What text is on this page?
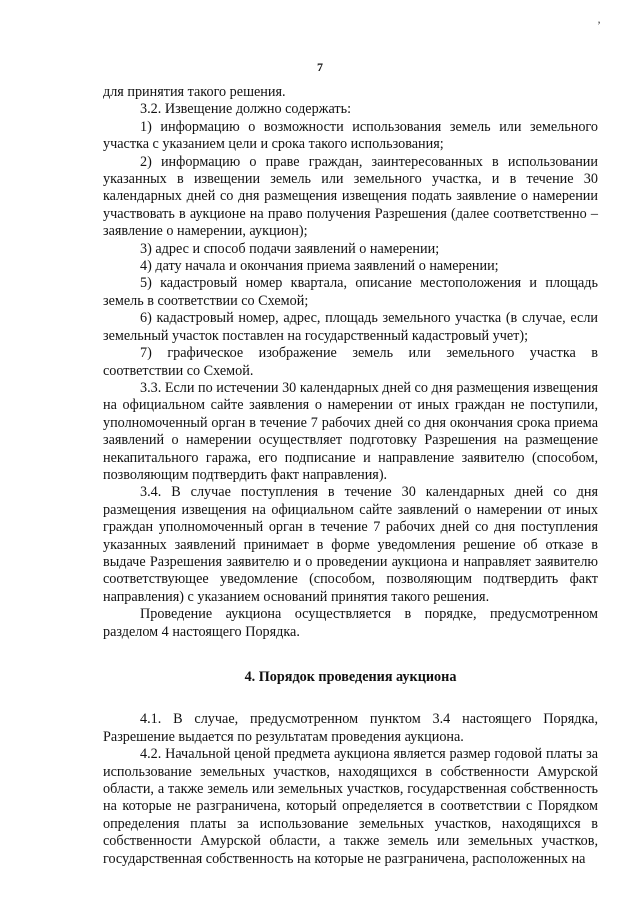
’
7

для принятия такого решения.

3.2. Извещение должно содержать:

1) информацию о возможности использования земель или земельного участка с указанием цели и срока такого использования;

2) информацию о праве граждан, заинтересованных в использовании указанных в извещении земель или земельного участка, и в течение 30 календарных дней со дня размещения извещения подать заявление о намерении участвовать в аукционе на право получения Разрешения (далее соответственно – заявление о намерении, аукцион);

3) адрес и способ подачи заявлений о намерении;

4) дату начала и окончания приема заявлений о намерении;

5) кадастровый номер квартала, описание местоположения и площадь земель в соответствии со Схемой;

6) кадастровый номер, адрес, площадь земельного участка (в случае, если земельный участок поставлен на государственный кадастровый учет);

7) графическое изображение земель или земельного участка в соответствии со Схемой.

3.3. Если по истечении 30 календарных дней со дня размещения извещения на официальном сайте заявления о намерении от иных граждан не поступили, уполномоченный орган в течение 7 рабочих дней со дня окончания срока приема заявлений о намерении осуществляет подготовку Разрешения на размещение некапитального гаража, его подписание и направление заявителю (способом, позволяющим подтвердить факт направления).

3.4. В случае поступления в течение 30 календарных дней со дня размещения извещения на официальном сайте заявлений о намерении от иных граждан уполномоченный орган в течение 7 рабочих дней со дня поступления указанных заявлений принимает в форме уведомления решение об отказе в выдаче Разрешения заявителю и о проведении аукциона и направляет заявителю соответствующее уведомление (способом, позволяющим подтвердить факт направления) с указанием оснований принятия такого решения.

Проведение аукциона осуществляется в порядке, предусмотренном разделом 4 настоящего Порядка.

4. Порядок проведения аукциона

4.1. В случае, предусмотренном пунктом 3.4 настоящего Порядка, Разрешение выдается по результатам проведения аукциона.

4.2. Начальной ценой предмета аукциона является размер годовой платы за использование земельных участков, находящихся в собственности Амурской области, а также земель или земельных участков, государственная собственность на которые не разграничена, который определяется в соответствии с Порядком определения платы за использование земельных участков, находящихся в собственности Амурской области, а также земель или земельных участков, государственная собственность на которые не разграничена, расположенных на
